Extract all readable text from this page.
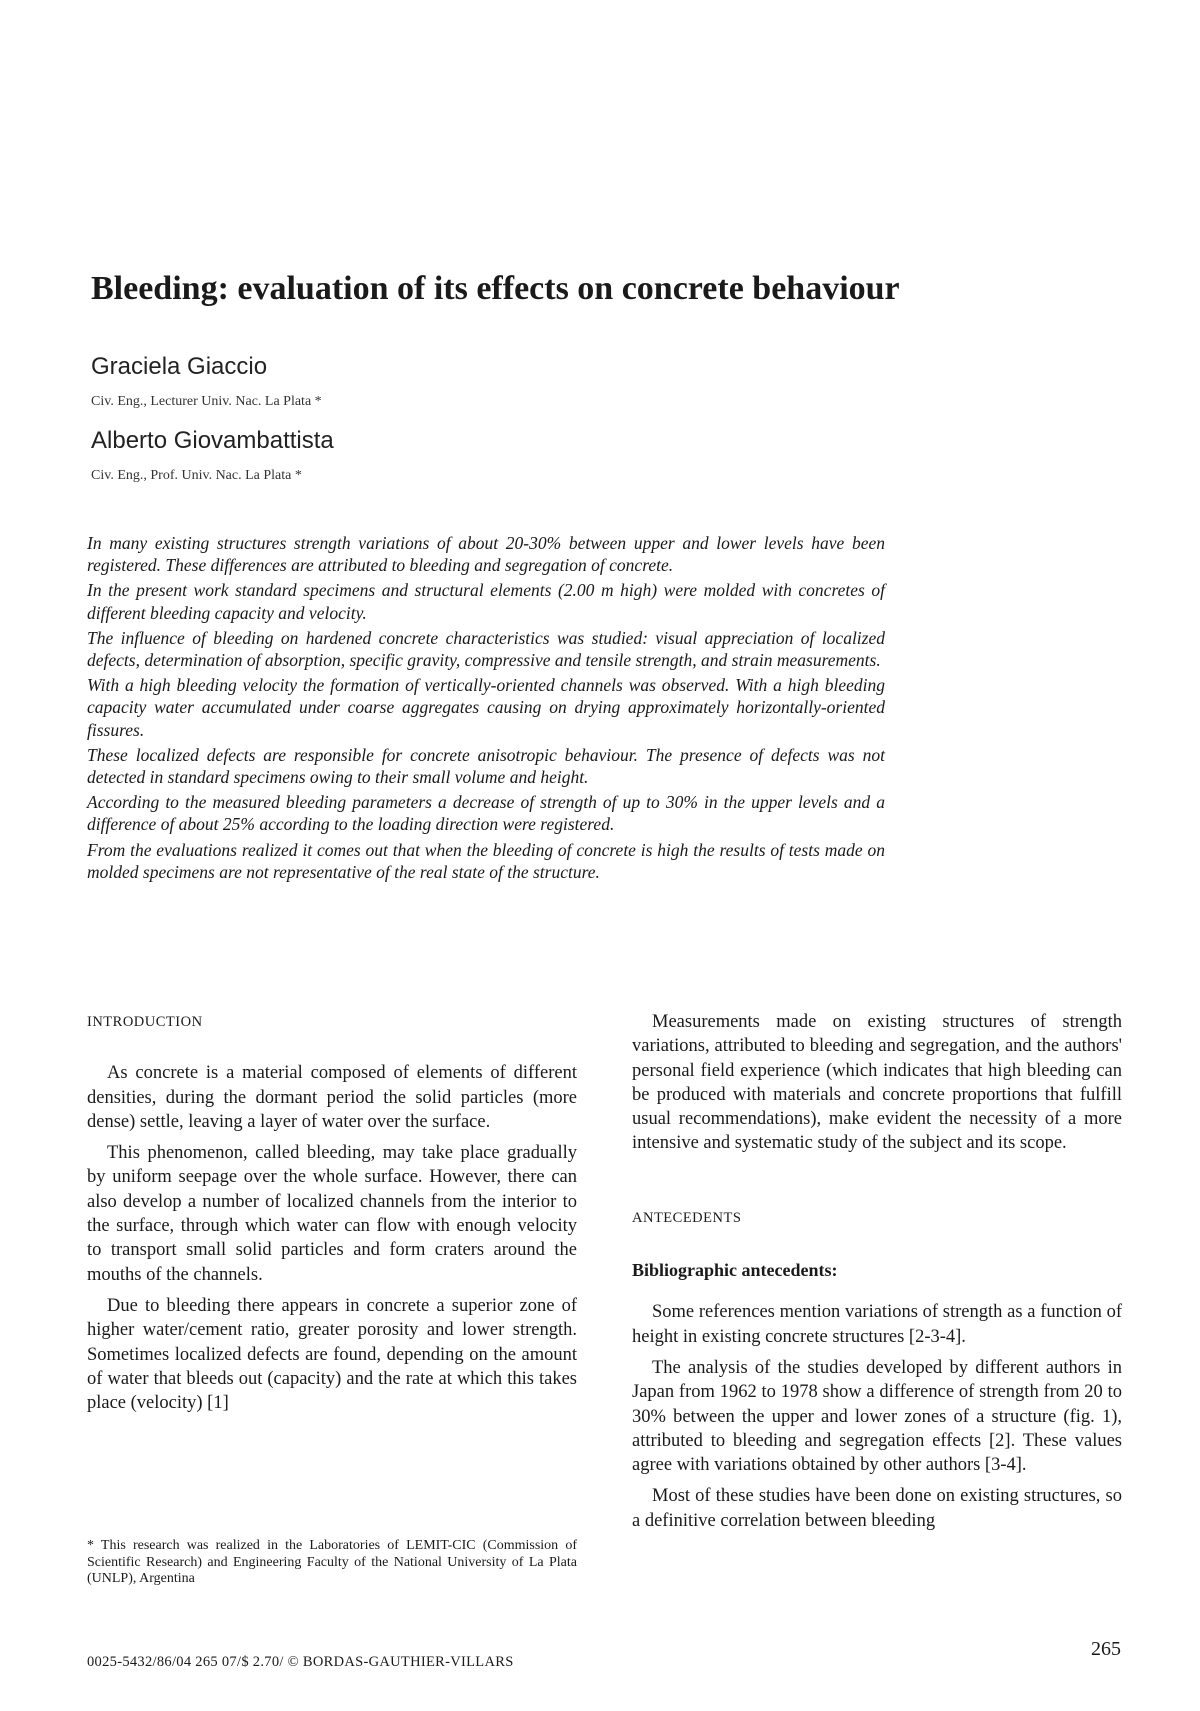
Bleeding: evaluation of its effects on concrete behaviour
Graciela Giaccio
Civ. Eng., Lecturer Univ. Nac. La Plata *
Alberto Giovambattista
Civ. Eng., Prof. Univ. Nac. La Plata *

In many existing structures strength variations of about 20-30% between upper and lower levels have been registered. These differences are attributed to bleeding and segregation of concrete.

In the present work standard specimens and structural elements (2.00 m high) were molded with concretes of different bleeding capacity and velocity.

The influence of bleeding on hardened concrete characteristics was studied: visual appreciation of localized defects, determination of absorption, specific gravity, compressive and tensile strength, and strain measurements.

With a high bleeding velocity the formation of vertically-oriented channels was observed. With a high bleeding capacity water accumulated under coarse aggregates causing on drying approximately horizontally-oriented fissures.

These localized defects are responsible for concrete anisotropic behaviour. The presence of defects was not detected in standard specimens owing to their small volume and height.

According to the measured bleeding parameters a decrease of strength of up to 30% in the upper levels and a difference of about 25% according to the loading direction were registered.

From the evaluations realized it comes out that when the bleeding of concrete is high the results of tests made on molded specimens are not representative of the real state of the structure.

INTRODUCTION

As concrete is a material composed of elements of different densities, during the dormant period the solid particles (more dense) settle, leaving a layer of water over the surface.

This phenomenon, called bleeding, may take place gradually by uniform seepage over the whole surface. However, there can also develop a number of localized channels from the interior to the surface, through which water can flow with enough velocity to transport small solid particles and form craters around the mouths of the channels.

Due to bleeding there appears in concrete a superior zone of higher water/cement ratio, greater porosity and lower strength. Sometimes localized defects are found, depending on the amount of water that bleeds out (capacity) and the rate at which this takes place (velocity) [1]

Measurements made on existing structures of strength variations, attributed to bleeding and segregation, and the authors' personal field experience (which indicates that high bleeding can be produced with materials and concrete proportions that fulfill usual recommendations), make evident the necessity of a more intensive and systematic study of the subject and its scope.

ANTECEDENTS
Bibliographic antecedents:

Some references mention variations of strength as a function of height in existing concrete structures [2-3-4].

The analysis of the studies developed by different authors in Japan from 1962 to 1978 show a difference of strength from 20 to 30% between the upper and lower zones of a structure (fig. 1), attributed to bleeding and segregation effects [2]. These values agree with variations obtained by other authors [3-4].

Most of these studies have been done on existing structures, so a definitive correlation between bleeding

* This research was realized in the Laboratories of LEMIT-CIC (Commission of Scientific Research) and Engineering Faculty of the National University of La Plata (UNLP), Argentina
0025-5432/86/04 265 07/$ 2.70/ © BORDAS-GAUTHIER-VILLARS
265
